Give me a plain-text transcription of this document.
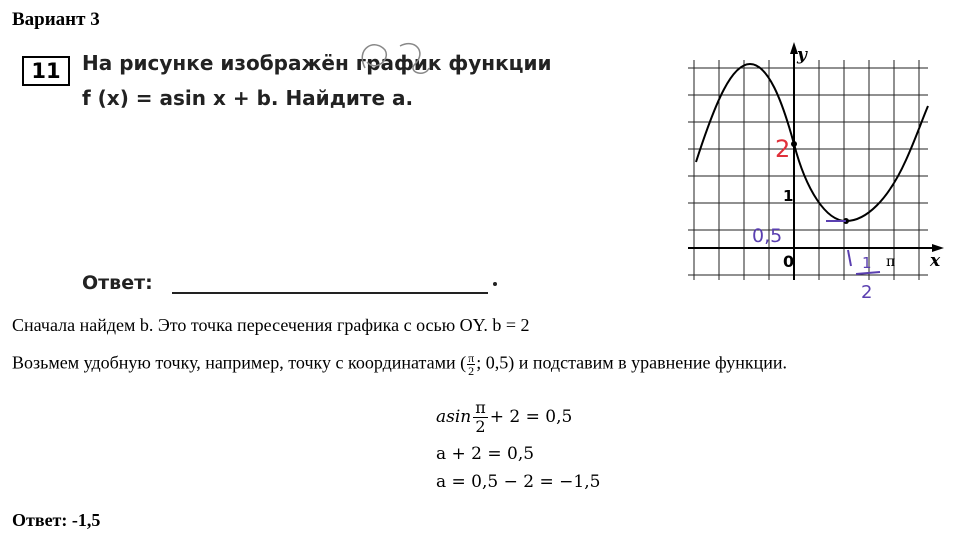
Вариант 3
11	На рисунке изображён график функции
f (x) = asin x + b. Найдите a.
Ответ:
y
x
0
1
π
2
0,5
1
2
Сначала найдем b. Это точка пересечения графика с осью OY. b = 2
Возьмем удобную точку, например, точку с координатами ( $\frac{\pi}{2}$ ; 0,5) и подставим в уравнение функции.
asin $\frac{\pi}{2} + 2 = 0,5$
a + 2 = 0,5
a = 0,5 − 2 = −1,5
Ответ: -1,5
